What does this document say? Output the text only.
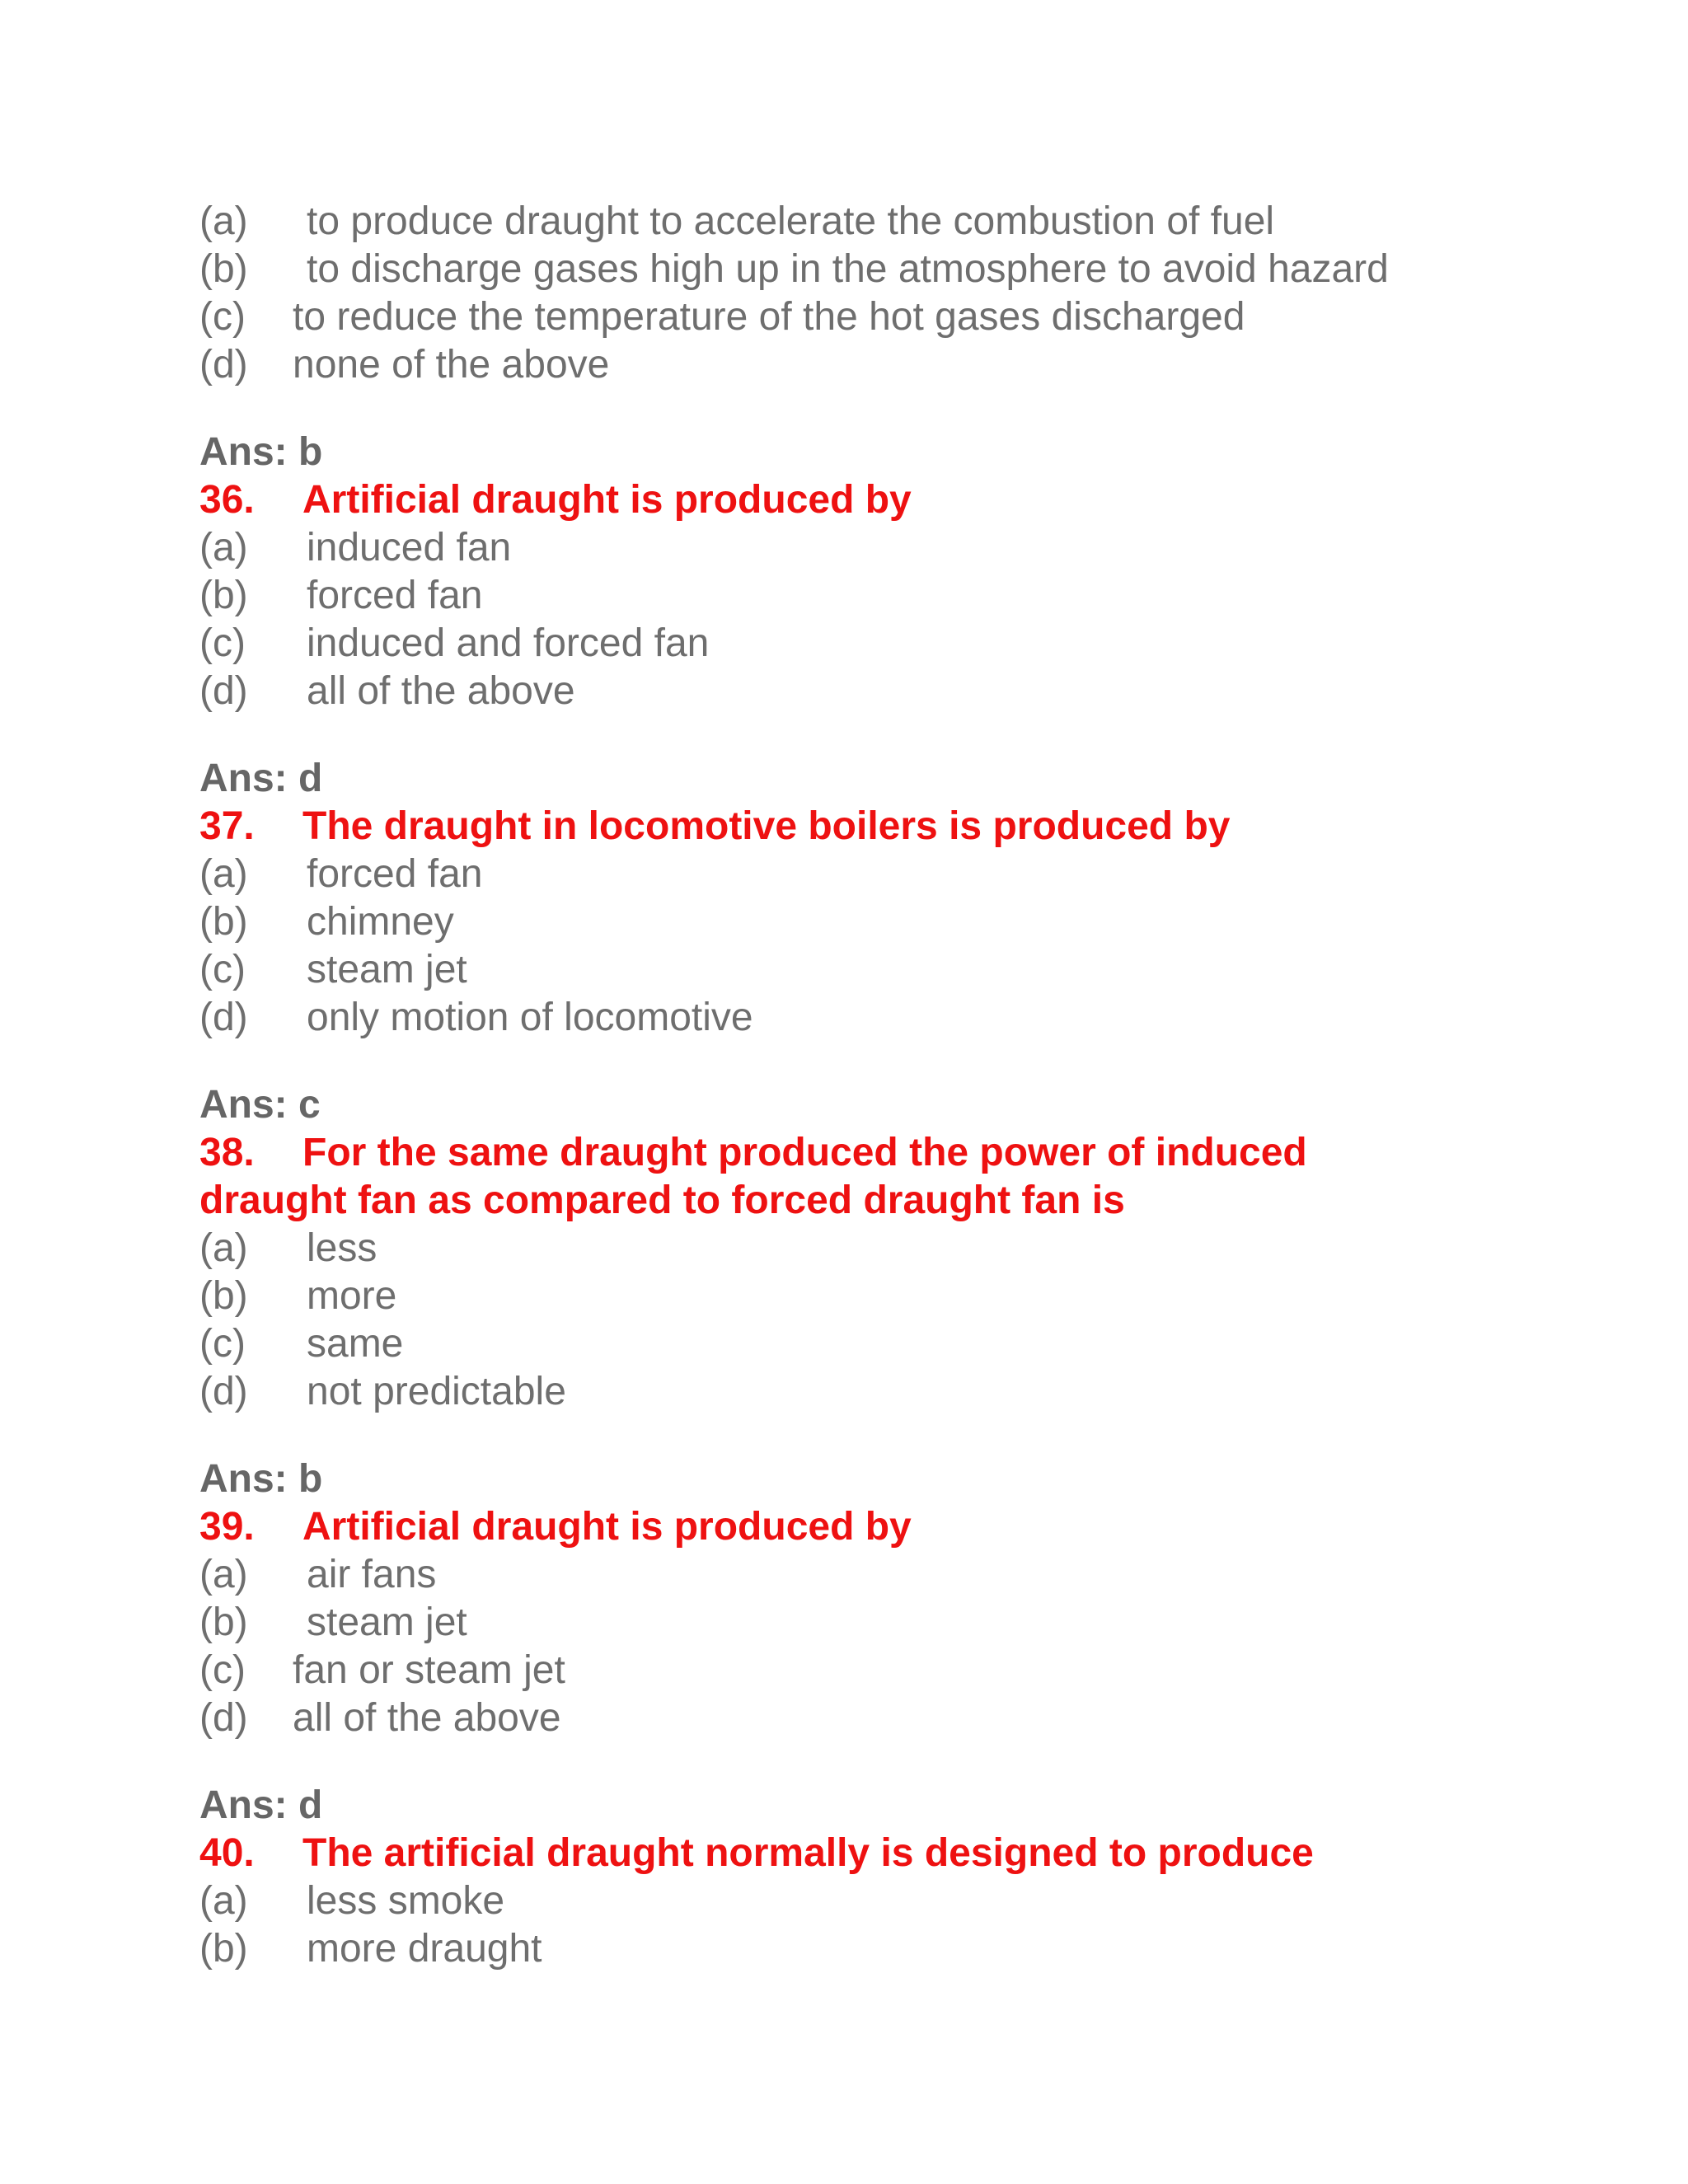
(a) to produce draught to accelerate the combustion of fuel
(b) to discharge gases high up in the atmosphere to avoid hazard
(c) to reduce the temperature of the hot gases discharged
(d) none of the above
Ans: b
36. Artificial draught is produced by
(a) induced fan
(b) forced fan
(c) induced and forced fan
(d) all of the above
Ans: d
37. The draught in locomotive boilers is produced by
(a) forced fan
(b) chimney
(c) steam jet
(d) only motion of locomotive
Ans: c
38. For the same draught produced the power of induced
draught fan as compared to forced draught fan is
(a) less
(b) more
(c) same
(d) not predictable
Ans: b
39. Artificial draught is produced by
(a) air fans
(b) steam jet
(c) fan or steam jet
(d) all of the above
Ans: d
40. The artificial draught normally is designed to produce
(a) less smoke
(b) more draught
